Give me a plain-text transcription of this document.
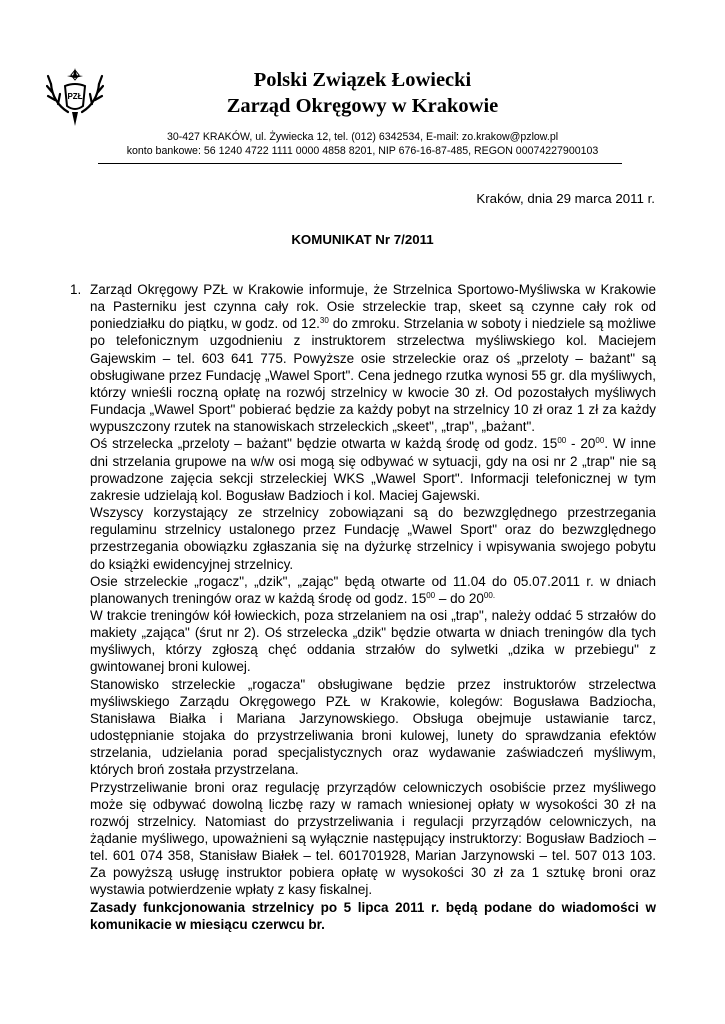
PZŁ
Polski Związek Łowiecki
Zarząd Okręgowy w Krakowie
30-427 KRAKÓW, ul. Żywiecka 12, tel. (012) 6342534, E-mail: zo.krakow@pzlow.pl
konto bankowe: 56 1240 4722 1111 0000 4858 8201, NIP 676-16-87-485, REGON 00074227900103
Kraków, dnia 29 marca 2011 r.
KOMUNIKAT Nr 7/2011
1. Zarząd Okręgowy PZŁ w Krakowie informuje, że Strzelnica Sportowo-Myśliwska w Krakowie na Pasterniku jest czynna cały rok. Osie strzeleckie trap, skeet są czynne cały rok od poniedziałku do piątku, w godz. od 12.30 do zmroku. Strzelania w soboty i niedziele są możliwe po telefonicznym uzgodnieniu z instruktorem strzelectwa myśliwskiego kol. Maciejem Gajewskim – tel. 603 641 775. Powyższe osie strzeleckie oraz oś „przeloty – bażant" są obsługiwane przez Fundację „Wawel Sport". Cena jednego rzutka wynosi 55 gr. dla myśliwych, którzy wnieśli roczną opłatę na rozwój strzelnicy w kwocie 30 zł. Od pozostałych myśliwych Fundacja „Wawel Sport" pobierać będzie za każdy pobyt na strzelnicy 10 zł oraz 1 zł za każdy wypuszczony rzutek na stanowiskach strzeleckich „skeet", „trap", „bażant".

Oś strzelecka „przeloty – bażant" będzie otwarta w każdą środę od godz. $15^{00} - 20^{00}$. W inne dni strzelania grupowe na w/w osi mogą się odbywać w sytuacji, gdy na osi nr 2 „trap" nie są prowadzone zajęcia sekcji strzeleckiej WKS „Wawel Sport". Informacji telefonicznej w tym zakresie udzielają kol. Bogusław Badzioch i kol. Maciej Gajewski.

Wszyscy korzystający ze strzelnicy zobowiązani są do bezwzględnego przestrzegania regulaminu strzelnicy ustalonego przez Fundację „Wawel Sport" oraz do bezwzględnego przestrzegania obowiązku zgłaszania się na dyżurkę strzelnicy i wpisywania swojego pobytu do książki ewidencyjnej strzelnicy.

Osie strzeleckie „rogacz", „dzik", „zając" będą otwarte od 11.04 do 05.07.2011 r. w dniach planowanych treningów oraz w każdą środę od godz. $15^{00}$ – do $20^{00.}$

W trakcie treningów kół łowieckich, poza strzelaniem na osi „trap", należy oddać 5 strzałów do makiety „zająca" (śrut nr 2). Oś strzelecka „dzik" będzie otwarta w dniach treningów dla tych myśliwych, którzy zgłoszą chęć oddania strzałów do sylwetki „dzika w przebiegu" z gwintowanej broni kulowej.

Stanowisko strzeleckie „rogacza" obsługiwane będzie przez instruktorów strzelectwa myśliwskiego Zarządu Okręgowego PZŁ w Krakowie, kolegów: Bogusława Badziocha, Stanisława Białka i Mariana Jarzynowskiego. Obsługa obejmuje ustawianie tarcz, udostępnianie stojaka do przystrzeliwania broni kulowej, lunety do sprawdzania efektów strzelania, udzielania porad specjalistycznych oraz wydawanie zaświadczeń myśliwym, których broń została przystrzelana.

Przystrzeliwanie broni oraz regulację przyrządów celowniczych osobiście przez myśliwego może się odbywać dowolną liczbę razy w ramach wniesionej opłaty w wysokości 30 zł na rozwój strzelnicy. Natomiast do przystrzeliwania i regulacji przyrządów celowniczych, na żądanie myśliwego, upoważnieni są wyłącznie następujący instruktorzy: Bogusław Badzioch – tel. 601 074 358, Stanisław Białek – tel. 601701928, Marian Jarzynowski – tel. 507 013 103. Za powyższą usługę instruktor pobiera opłatę w wysokości 30 zł za 1 sztukę broni oraz wystawia potwierdzenie wpłaty z kasy fiskalnej.

Zasady funkcjonowania strzelnicy po 5 lipca 2011 r. będą podane do wiadomości w komunikacie w miesiącu czerwcu br.
